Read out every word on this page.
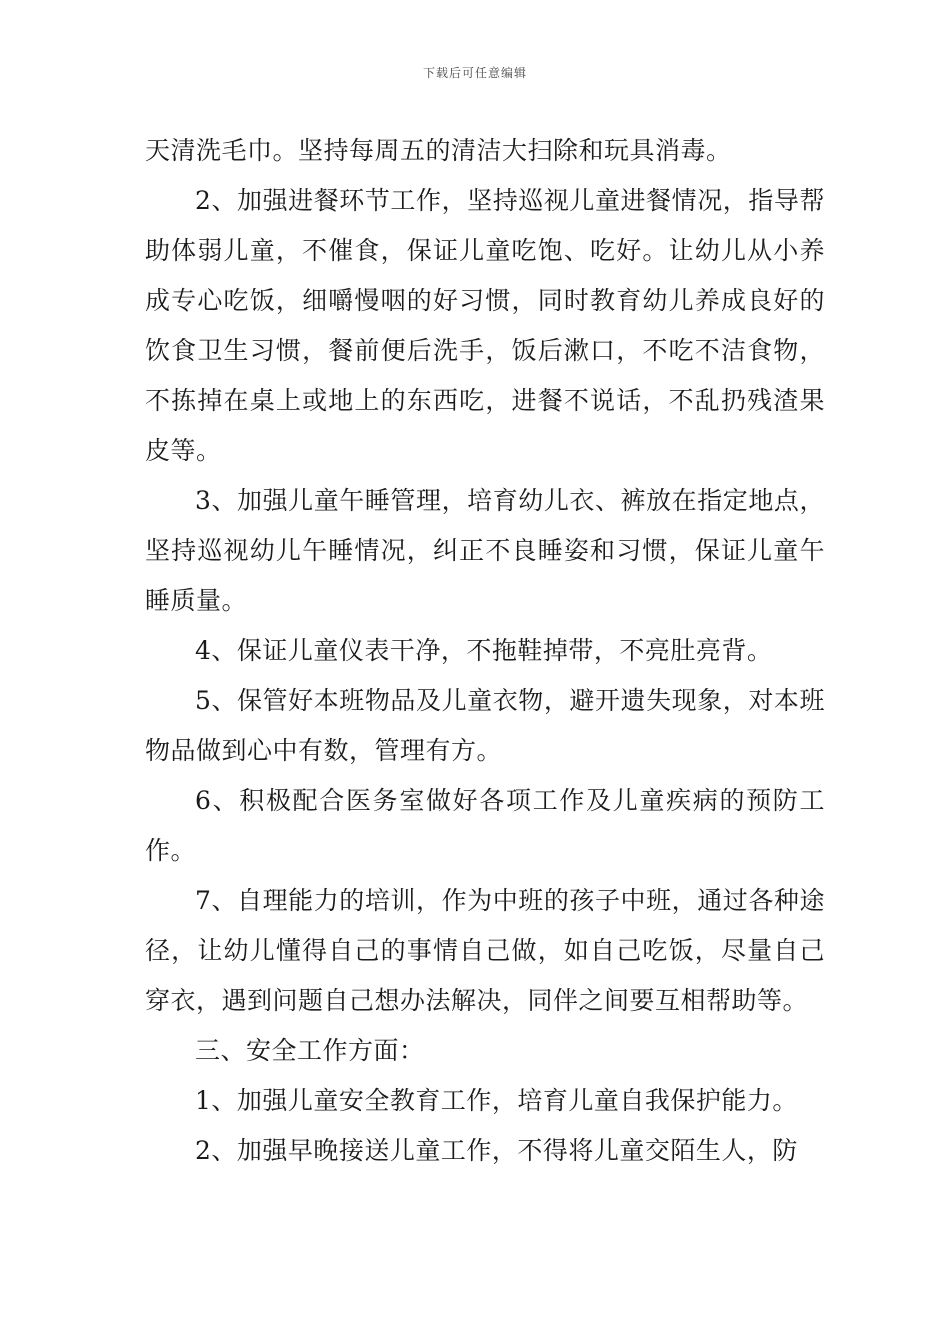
下载后可任意编辑

天清洗毛巾。坚持每周五的清洁大扫除和玩具消毒。

2、加强进餐环节工作，坚持巡视儿童进餐情况，指导帮助体弱儿童，不催食，保证儿童吃饱、吃好。让幼儿从小养成专心吃饭，细嚼慢咽的好习惯，同时教育幼儿养成良好的饮食卫生习惯，餐前便后洗手，饭后漱口，不吃不洁食物，不拣掉在桌上或地上的东西吃，进餐不说话，不乱扔残渣果皮等。

3、加强儿童午睡管理，培育幼儿衣、裤放在指定地点，坚持巡视幼儿午睡情况，纠正不良睡姿和习惯，保证儿童午睡质量。

4、保证儿童仪表干净，不拖鞋掉带，不亮肚亮背。

5、保管好本班物品及儿童衣物，避开遗失现象，对本班物品做到心中有数，管理有方。

6、积极配合医务室做好各项工作及儿童疾病的预防工作。

7、自理能力的培训，作为中班的孩子中班，通过各种途径，让幼儿懂得自己的事情自己做，如自己吃饭，尽量自己穿衣，遇到问题自己想办法解决，同伴之间要互相帮助等。

三、安全工作方面：

1、加强儿童安全教育工作，培育儿童自我保护能力。

2、加强早晚接送儿童工作，不得将儿童交陌生人，防
